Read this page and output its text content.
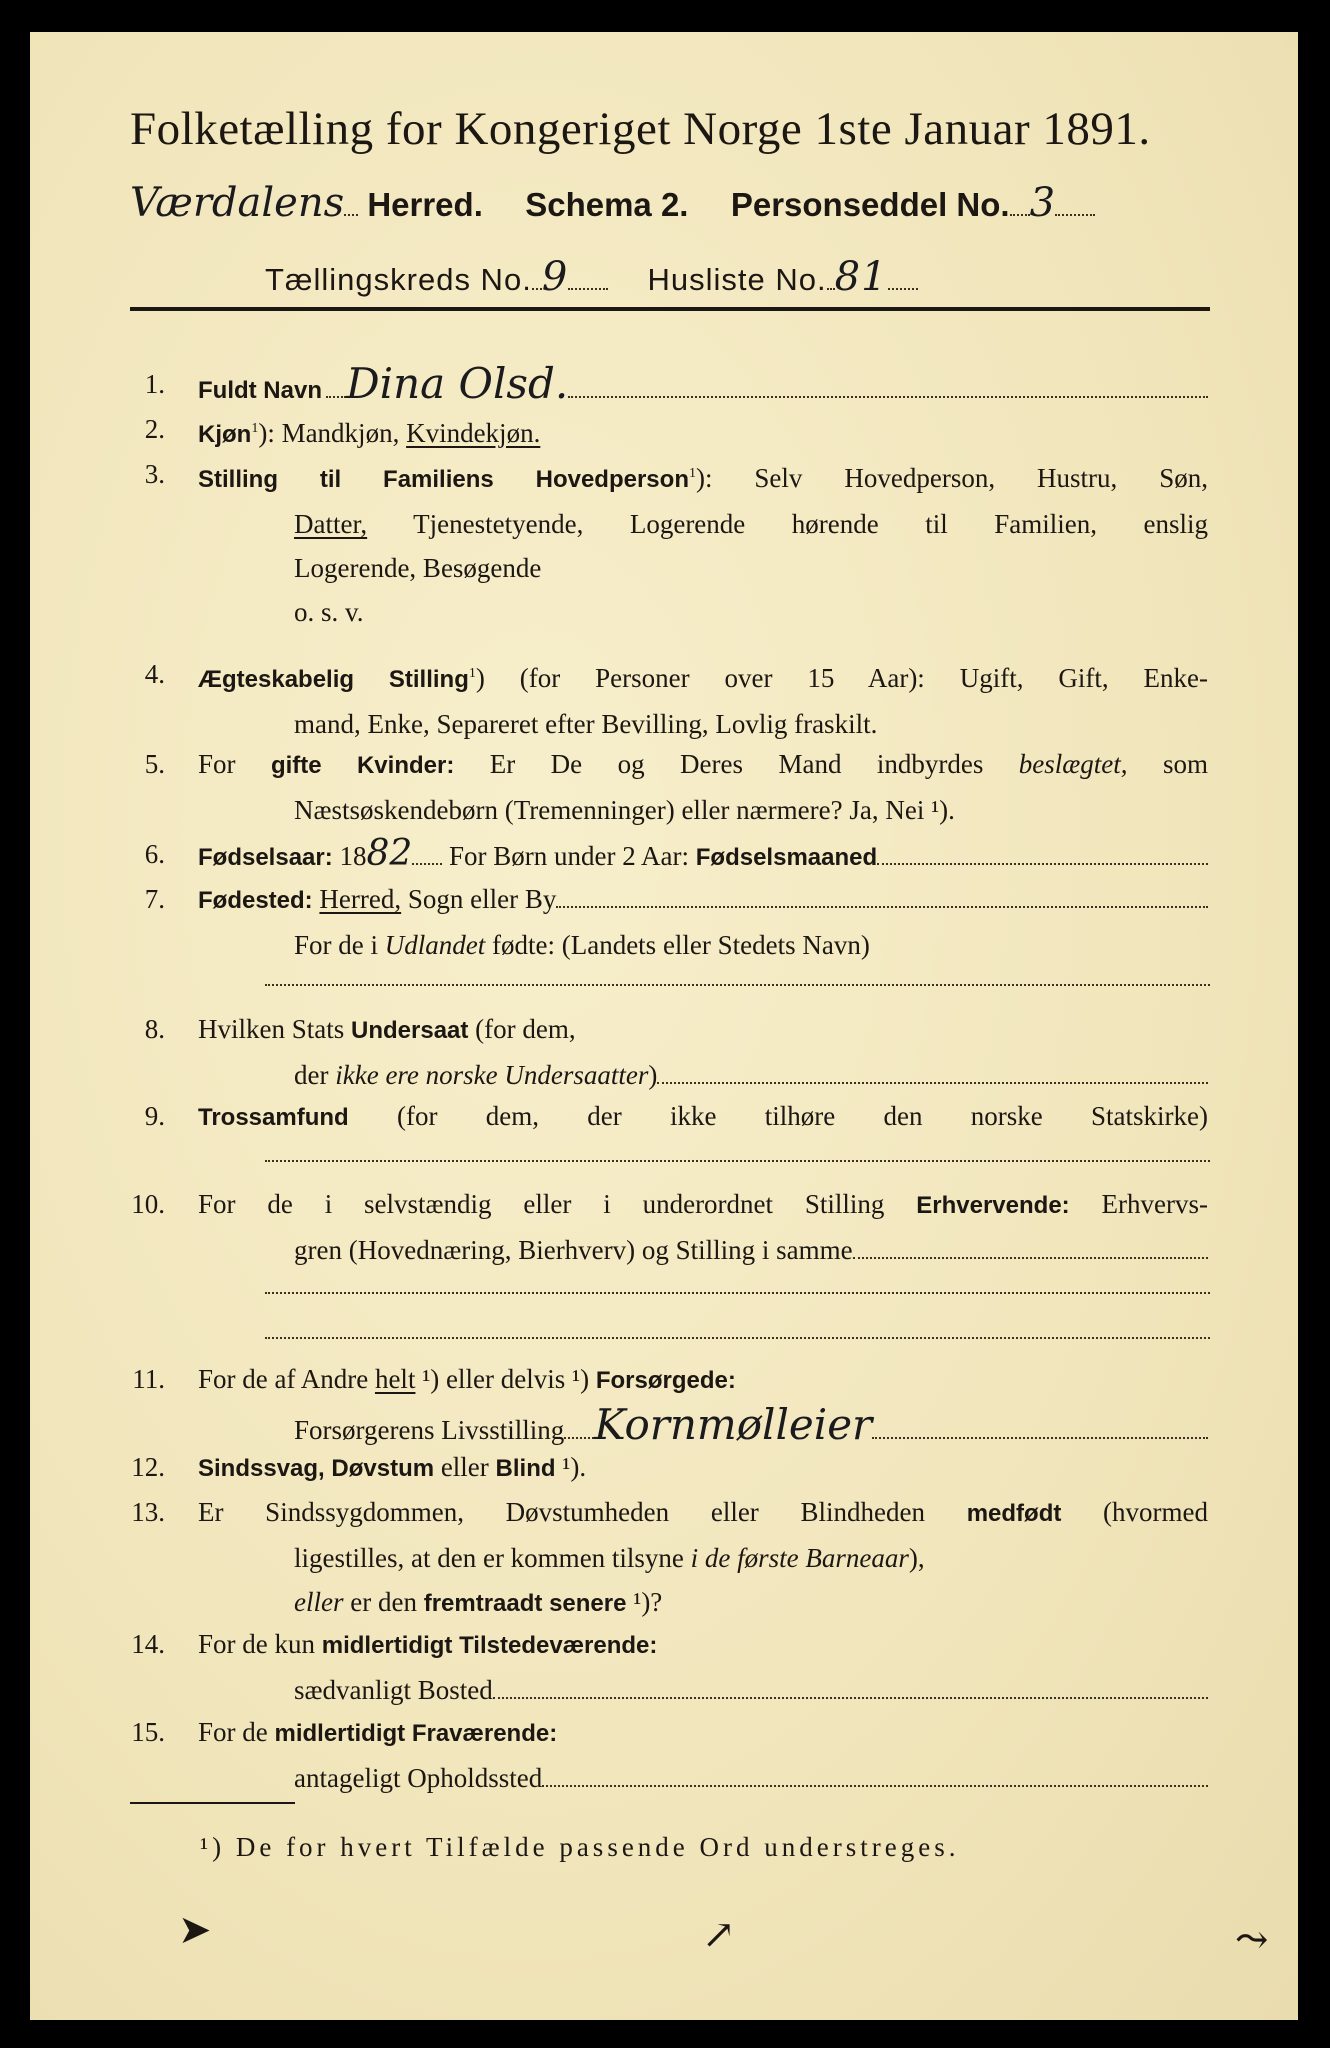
Folketælling for Kongeriget Norge 1ste Januar 1891.
Værdalens Herred. Schema 2. Personseddel No. 3
Tællingskreds No. 9	Husliste No. 81
1. Fuldt Navn Dina Olsd.
2. Kjøn$^1$): Mandkjøn, Kvindekjøn.
3. Stilling til Familiens Hovedperson$^1$): Selv Hovedperson, Hustru, Søn,
Datter, Tjenestetyende, Logerende hørende til Familien, enslig
Logerende, Besøgende
o. s. v.
4. Ægteskabelig Stilling$^1$) (for Personer over 15 Aar): Ugift, Gift, Enke-
mand, Enke, Separeret efter Bevilling, Lovlig fraskilt.
5. For gifte Kvinder: Er De og Deres Mand indbyrdes beslægtet, som
Næstsøskendebørn (Tremenninger) eller nærmere? Ja, Nei ¹).
6. Fødselsaar: 18 82 For Børn under 2 Aar: Fødselsmaaned
7. Fødested:
Herred, Sogn eller By
For de i Udlandet fødte: (Landets eller Stedets Navn)
8. Hvilken Stats Undersaat (for dem,
der ikke ere norske Undersaatter )
9. Trossamfund (for dem, der ikke tilhøre den norske Statskirke)
10. For de i selvstændig eller i underordnet Stilling Erhvervende: Erhvervs-
gren (Hovednæring, Bierhverv) og Stilling i samme
11. For de af Andre helt ¹) eller delvis ¹) Forsørgede:
Forsørgerens Livsstilling Kornmølleier
12. Sindssvag, Døvstum eller Blind ¹).
13. Er Sindssygdommen, Døvstumheden eller Blindheden medfødt (hvormed
ligestilles, at den er kommen tilsyne i de første Barneaar),
eller er den fremtraadt senere ¹)?
14. For de kun midlertidigt Tilstedeværende:
sædvanligt Bosted
15. For de midlertidigt Fraværende:
antageligt Opholdssted
¹) De for hvert Tilfælde passende Ord understreges.
➤	↗	⤳
